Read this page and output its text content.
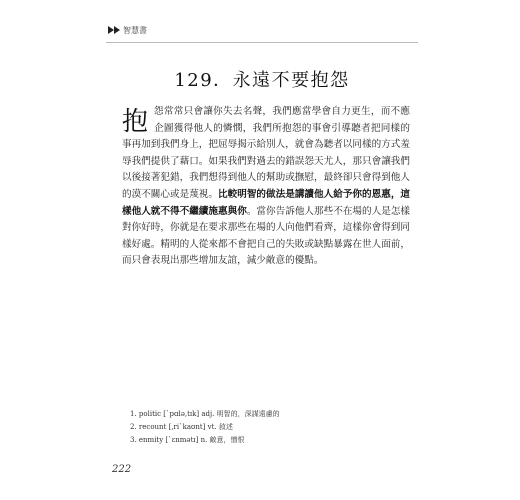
智慧書
129．永遠不要抱怨
抱怨常常只會讓你失去名聲，我們應當學會自力更生，而不應企圖獲得他人的憐憫，我們所抱怨的事會引導聽者把同樣的事再加到我們身上，把屈辱揭示給別人，就會為聽者以同樣的方式羞辱我們提供了藉口。如果我們對過去的錯誤怨天尤人，那只會讓我們以後接著犯錯，我們想得到他人的幫助或撫慰，最終卻只會得到他人的漠不關心或是蔑視。比較明智的做法是講讀他人給予你的恩惠，這樣他人就不得不繼續施惠與你。當你告訴他人那些不在場的人是怎樣對你好時，你就是在要求那些在場的人向他們看齊，這樣你會得到同樣好處。精明的人從來都不會把自己的失敗或缺點暴露在世人面前，而只會表現出那些增加友誼，減少敵意的優點。
1. politic [ˋpɑlə,tɪk] adj. 明智的，深謀遠慮的
2. recount [,riˋkaʊnt] vt. 敘述
3. enmity [ˋɛnmətɪ] n. 敵意，憎恨
222
